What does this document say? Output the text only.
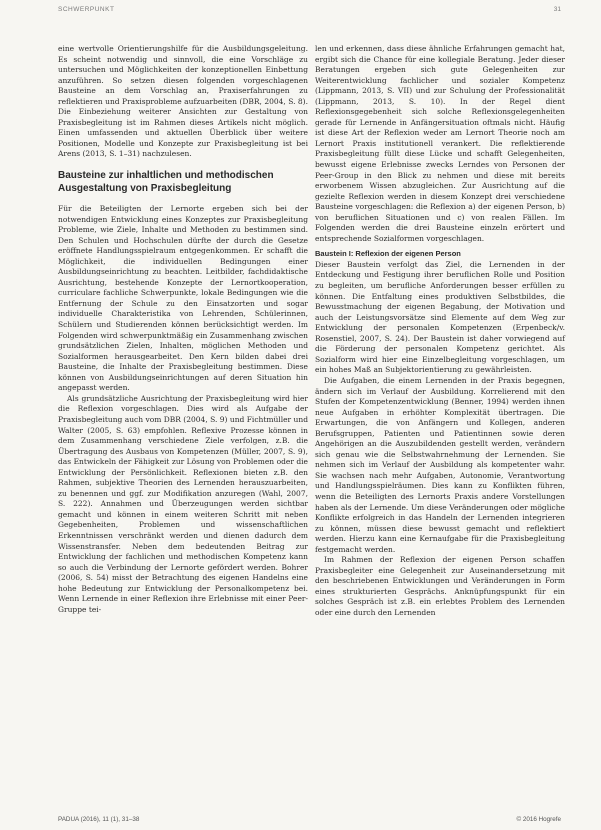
SCHWERPUNKT	31

eine wertvolle Orientierungshilfe für die Ausbildungsgeleitung. Es scheint notwendig und sinnvoll, die eine Vorschläge zu untersuchen und Möglichkeiten der konzeptionellen Einbettung anzuführen. So setzen diesen folgenden vorgeschlagenen Bausteine an dem Vorschlag an, Praxiserfahrungen zu reflektieren und Praxisprobleme aufzuarbeiten (DBR, 2004, S. 8). Die Einbeziehung weiterer Ansichten zur Gestaltung von Praxisbegleitung ist im Rahmen dieses Artikels nicht möglich. Einen umfassenden und aktuellen Überblick über weitere Positionen, Modelle und Konzepte zur Praxisbegleitung ist bei Arens (2013, S. 1–31) nachzulesen.

Bausteine zur inhaltlichen und methodischen Ausgestaltung von Praxisbegleitung

Für die Beteiligten der Lernorte ergeben sich bei der notwendigen Entwicklung eines Konzeptes zur Praxisbegleitung Probleme, wie Ziele, Inhalte und Methoden zu bestimmen sind. Den Schulen und Hochschulen dürfte der durch die Gesetze eröffnete Handlungsspielraum entgegenkommen. Er schafft die Möglichkeit, die individuellen Bedingungen einer Ausbildungseinrichtung zu beachten. Leitbilder, fachdidaktische Ausrichtung, bestehende Konzepte der Lernortkooperation, curriculare fachliche Schwerpunkte, lokale Bedingungen wie die Entfernung der Schule zu den Einsatzorten und sogar individuelle Charakteristika von Lehrenden, Schülerinnen, Schülern und Studierenden können berücksichtigt werden. Im Folgenden wird schwerpunktmäßig ein Zusammenhang zwischen grundsätzlichen Zielen, Inhalten, möglichen Methoden und Sozialformen herausgearbeitet. Den Kern bilden dabei drei Bausteine, die Inhalte der Praxisbegleitung bestimmen. Diese können von Ausbildungseinrichtungen auf deren Situation hin angepasst werden.

Als grundsätzliche Ausrichtung der Praxisbegleitung wird hier die Reflexion vorgeschlagen. Dies wird als Aufgabe der Praxisbegleitung auch vom DBR (2004, S. 9) und Fichtmüller und Walter (2005, S. 63) empfohlen. Reflexive Prozesse können in dem Zusammenhang verschiedene Ziele verfolgen, z.B. die Übertragung des Ausbaus von Kompetenzen (Müller, 2007, S. 9), das Entwickeln der Fähigkeit zur Lösung von Problemen oder die Entwicklung der Persönlichkeit. Reflexionen bieten z.B. den Rahmen, subjektive Theorien des Lernenden herauszuarbeiten, zu benennen und ggf. zur Modifikation anzuregen (Wahl, 2007, S. 222). Annahmen und Überzeugungen werden sichtbar gemacht und können in einem weiteren Schritt mit neben Gegebenheiten, Problemen und wissenschaftlichen Erkenntnissen verschränkt werden und dienen dadurch dem Wissenstransfer. Neben dem bedeutenden Beitrag zur Entwicklung der fachlichen und methodischen Kompetenz kann so auch die Verbindung der Lernorte gefördert werden. Bohrer (2006, S. 54) misst der Betrachtung des eigenen Handelns eine hohe Bedeutung zur Entwicklung der Personalkompetenz bei. Wenn Lernende in einer Reflexion ihre Erlebnisse mit einer Peer-Gruppe tei-

len und erkennen, dass diese ähnliche Erfahrungen gemacht hat, ergibt sich die Chance für eine kollegiale Beratung. Jeder dieser Beratungen ergeben sich gute Gelegenheiten zur Weiterentwicklung fachlicher und sozialer Kompetenz (Lippmann, 2013, S. VII) und zur Schulung der Professionalität (Lippmann, 2013, S. 10). In der Regel dient Reflexionsgegebenheit sich solche Reflexionsgelegenheiten gerade für Lernende in Anfängersituation oftmals nicht. Häufig ist diese Art der Reflexion weder am Lernort Theorie noch am Lernort Praxis institutionell verankert. Die reflektierende Praxisbegleitung füllt diese Lücke und schafft Gelegenheiten, bewusst eigene Erlebnisse zwecks Lerndes von Personen der Peer-Group in den Blick zu nehmen und diese mit bereits erworbenem Wissen abzugleichen. Zur Ausrichtung auf die gezielte Reflexion werden in diesem Konzept drei verschiedene Bausteine vorgeschlagen: die Reflexion a) der eigenen Person, b) von beruflichen Situationen und c) von realen Fällen. Im Folgenden werden die drei Bausteine einzeln erörtert und entsprechende Sozialformen vorgeschlagen.

Baustein I: Reflexion der eigenen Person

Dieser Baustein verfolgt das Ziel, die Lernenden in der Entdeckung und Festigung ihrer beruflichen Rolle und Position zu begleiten, um berufliche Anforderungen besser erfüllen zu können. Die Entfaltung eines produktiven Selbstbildes, die Bewusstmachung der eigenen Begabung, der Motivation und auch der Leistungsvorsätze sind Elemente auf dem Weg zur Entwicklung der personalen Kompetenzen (Erpenbeck/v. Rosenstiel, 2007, S. 24). Der Baustein ist daher vorwiegend auf die Förderung der personalen Kompetenz gerichtet. Als Sozialform wird hier eine Einzelbegleitung vorgeschlagen, um ein hohes Maß an Subjektorientierung zu gewährleisten.

Die Aufgaben, die einem Lernenden in der Praxis begegnen, ändern sich im Verlauf der Ausbildung. Korrelierend mit den Stufen der Kompetenzentwicklung (Benner, 1994) werden ihnen neue Aufgaben in erhöhter Komplexität übertragen. Die Erwartungen, die von Anfängern und Kollegen, anderen Berufsgruppen, Patienten und Patientinnen sowie deren Angehörigen an die Auszubildenden gestellt werden, verändern sich genau wie die Selbstwahrnehmung der Lernenden. Sie nehmen sich im Verlauf der Ausbildung als kompetenter wahr. Sie wachsen nach mehr Aufgaben, Autonomie, Verantwortung und Handlungsspielräumen. Dies kann zu Konflikten führen, wenn die Beteiligten des Lernorts Praxis andere Vorstellungen haben als der Lernende. Um diese Veränderungen oder mögliche Konflikte erfolgreich in das Handeln der Lernenden integrieren zu können, müssen diese bewusst gemacht und reflektiert werden. Hierzu kann eine Kernaufgabe für die Praxisbegleitung festgemacht werden.

Im Rahmen der Reflexion der eigenen Person schaffen Praxisbegleiter eine Gelegenheit zur Auseinandersetzung mit den beschriebenen Entwicklungen und Veränderungen in Form eines strukturierten Gesprächs. Anknüpfungspunkt für ein solches Gespräch ist z.B. ein erlebtes Problem des Lernenden oder eine durch den Lernenden

PADUA (2016), 11 (1), 31–38	© 2016 Hogrefe
